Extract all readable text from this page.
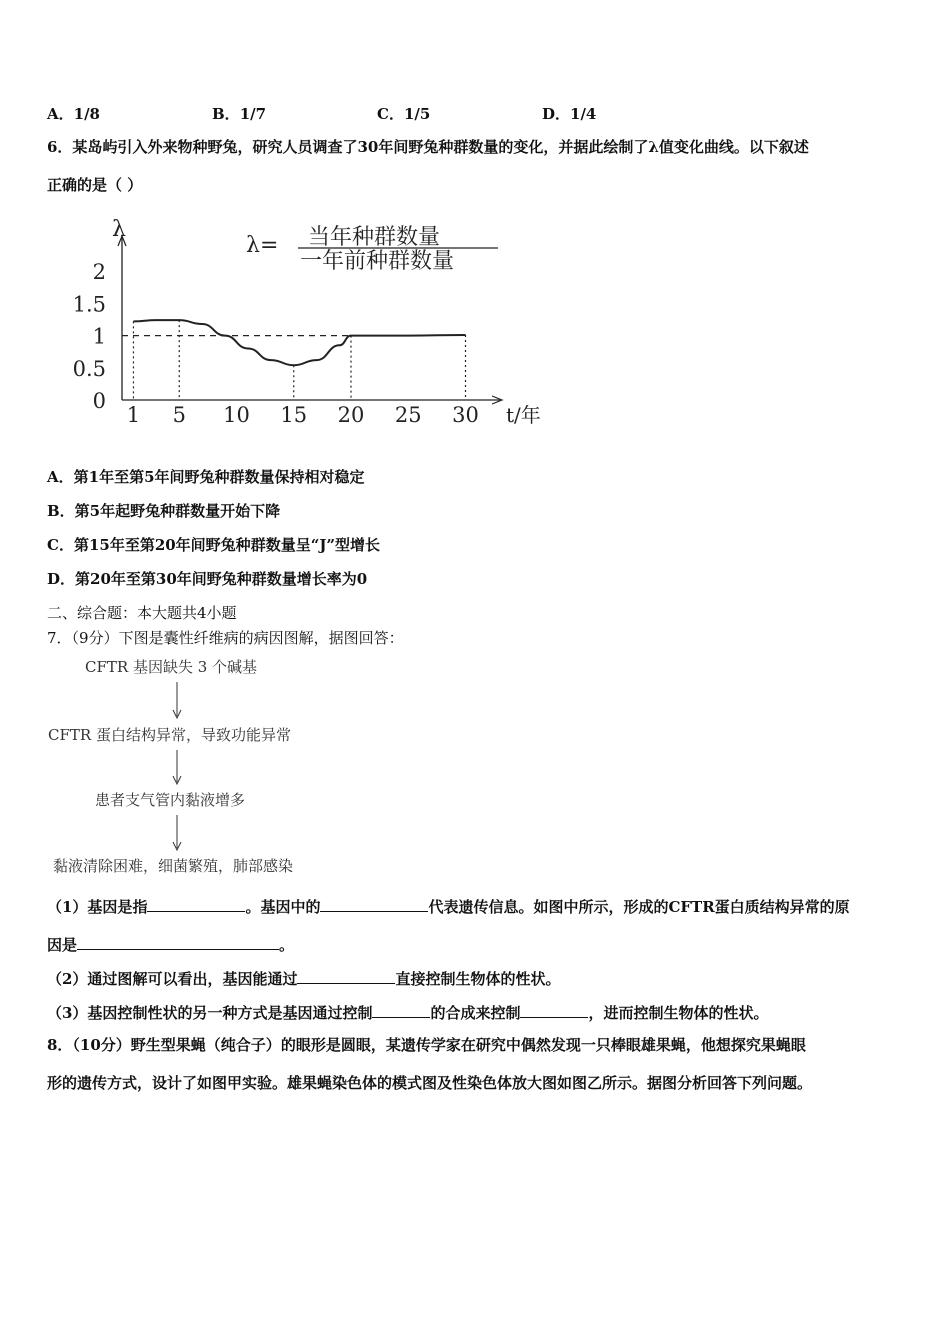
A．1/8	B．1/7	C．1/5	D．1/4
6．某岛屿引入外来物种野兔，研究人员调查了30年间野兔种群数量的变化，并据此绘制了λ值变化曲线。以下叙述
正确的是（ ）
λ
t/年
0
0.5
1
1.5
2
1 5 10 15 20 25 30
λ= 当年种群数量
一年前种群数量
A．第1年至第5年间野兔种群数量保持相对稳定
B．第5年起野兔种群数量开始下降
C．第15年至第20年间野兔种群数量呈“J”型增长
D．第20年至第30年间野兔种群数量增长率为0
二、综合题：本大题共4小题
7．（9分）下图是囊性纤维病的病因图解，据图回答：
CFTR 基因缺失 3 个碱基
CFTR 蛋白结构异常，导致功能异常
患者支气管内黏液增多
黏液清除困难，细菌繁殖，肺部感染
（1）基因是指	。基因中的	代表遗传信息。如图中所示，形成的CFTR蛋白质结构异常的原
因是	。
（2）通过图解可以看出，基因能通过	直接控制生物体的性状。
（3）基因控制性状的另一种方式是基因通过控制	的合成来控制	，进而控制生物体的性状。
8．（10分）野生型果蝇（纯合子）的眼形是圆眼，某遗传学家在研究中偶然发现一只棒眼雄果蝇，他想探究果蝇眼
形的遗传方式，设计了如图甲实验。雄果蝇染色体的模式图及性染色体放大图如图乙所示。据图分析回答下列问题。
